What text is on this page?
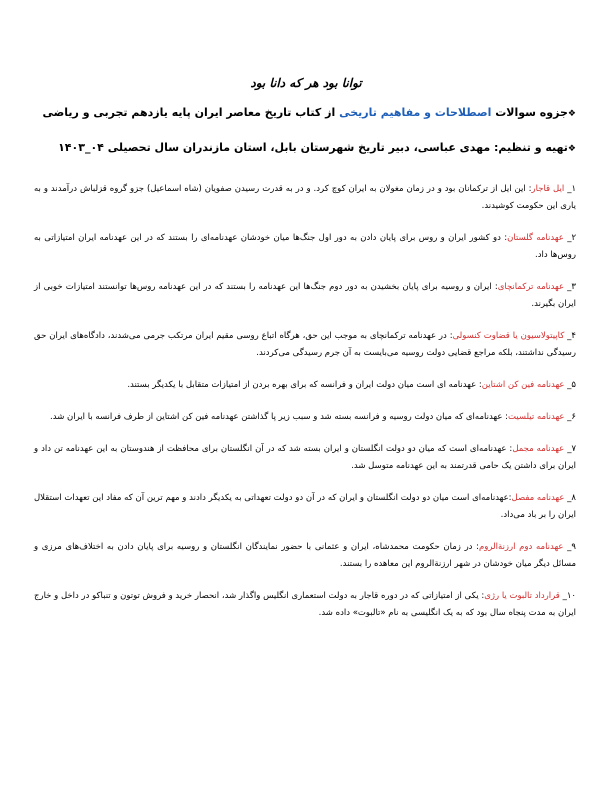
توانا بود هر که دانا بود
❖جزوه سوالات اصطلاحات و مفاهیم تاریخی از کتاب تاریخ معاصر ایران پایه یازدهم تجربی و ریاضی
❖تهیه و تنظیم: مهدی عباسی، دبیر تاریخ شهرستان بابل، استان مازندران سال تحصیلی ۰۴_۱۴۰۳

۱_ ایل قاجار: این ایل از ترکمانان بود و در زمان مغولان به ایران کوچ کرد. و در به قدرت رسیدن صفویان (شاه اسماعیل) جزو گروه قزلباش درآمدند و به یاری این حکومت کوشیدند.

۲_ عهدنامه گلستان: دو کشور ایران و روس برای پایان دادن به دور اول جنگ‌ها میان خودشان عهدنامه‌ای را بستند که در این عهدنامه ایران امتیازاتی به روس‌ها داد.

۳_ عهدنامه ترکمانچای: ایران و روسیه برای پایان بخشیدن به دور دوم جنگ‌ها این عهدنامه را بستند که در این عهدنامه روس‌ها توانستند امتیازات خوبی از ایران بگیرند.

۴_ کاپیتولاسیون یا قضاوت کنسولی: در عهدنامه ترکمانچای به موجب این حق، هرگاه اتباع روسی مقیم ایران مرتکب جرمی می‌شدند، دادگاه‌های ایران حق رسیدگی نداشتند، بلکه مراجع قضایی دولت روسیه می‌بایست به آن جرم رسیدگی می‌کردند.

۵_ عهدنامه فین کن اشتاین: عهدنامه ای است میان دولت ایران و فرانسه که برای بهره بردن از امتیازات متقابل با یکدیگر بستند.

۶_ عهدنامه تیلسیت: عهدنامه‌ای که میان دولت روسیه و فرانسه بسته شد و سبب زیر پا گذاشتن عهدنامه فین کن اشتاین از طرف فرانسه با ایران شد.

۷_ عهدنامه مجمل: عهدنامه‌ای است که میان دو دولت انگلستان و ایران بسته شد که در آن انگلستان برای محافظت از هندوستان به این عهدنامه تن داد و ایران برای داشتن یک حامی قدرتمند به این عهدنامه متوسل شد.

۸_ عهدنامه مفصل:عهدنامه‌ای است میان دو دولت انگلستان و ایران که در آن دو دولت تعهداتی به یکدیگر دادند و مهم ترین آن که مفاد این تعهدات استقلال ایران را بر باد می‌داد.

۹_ عهدنامه دوم ارزنةالروم: در زمان حکومت محمدشاه، ایران و عثمانی با حضور نمایندگان انگلستان و روسیه برای پایان دادن به اختلاف‌های مرزی و مسائل دیگر میان خودشان در شهر ارزنةالروم این معاهده را بستند.

۱۰_ قرارداد تالبوت یا رژی: یکی از امتیازاتی که در دوره قاجار به دولت استعماری انگلیس واگذار شد، انحصار خرید و فروش توتون و تنباکو در داخل و خارج ایران به مدت پنجاه سال بود که به یک انگلیسی به نام «تالبوت» داده شد.
